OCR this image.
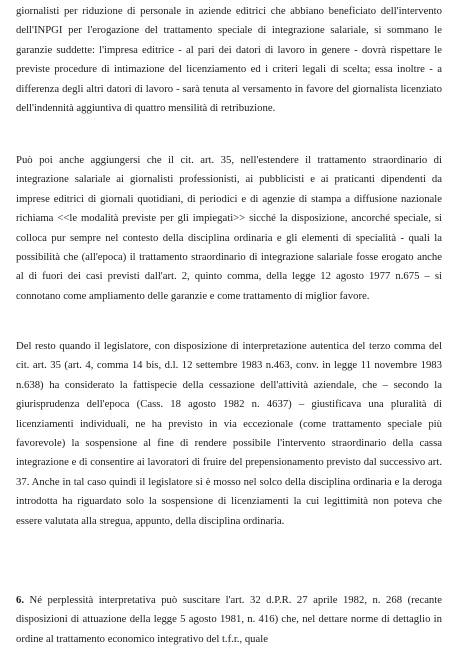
giornalisti per riduzione di personale in aziende editrici che abbiano beneficiato dell'intervento dell'INPGI per l'erogazione del trattamento speciale di integrazione salariale, si sommano le garanzie suddette: l'impresa editrice - al pari dei datori di lavoro in genere - dovrà rispettare le previste procedure di intimazione del licenziamento ed i criteri legali di scelta; essa inoltre - a differenza degli altri datori di lavoro - sarà tenuta al versamento in favore del giornalista licenziato dell'indennità aggiuntiva di quattro mensilità di retribuzione.

Può poi anche aggiungersi che il cit. art. 35, nell'estendere il trattamento straordinario di integrazione salariale ai giornalisti professionisti, ai pubblicisti e ai praticanti dipendenti da imprese editrici di giornali quotidiani, di periodici e di agenzie di stampa a diffusione nazionale richiama <<le modalità previste per gli impiegati>> sicché la disposizione, ancorché speciale, si colloca pur sempre nel contesto della disciplina ordinaria e gli elementi di specialità - quali la possibilità che (all'epoca) il trattamento straordinario di integrazione salariale fosse erogato anche al di fuori dei casi previsti dall'art. 2, quinto comma, della legge 12 agosto 1977 n.675 – si connotano come ampliamento delle garanzie e come trattamento di miglior favore.

Del resto quando il legislatore, con disposizione di interpretazione autentica del terzo comma del cit. art. 35 (art. 4, comma 14 bis, d.l. 12 settembre 1983 n.463, conv. in legge 11 novembre 1983 n.638) ha considerato la fattispecie della cessazione dell'attività aziendale, che – secondo la giurisprudenza dell'epoca (Cass. 18 agosto 1982 n. 4637) – giustificava una pluralità di licenziamenti individuali, ne ha previsto in via eccezionale (come trattamento speciale più favorevole) la sospensione al fine di rendere possibile l'intervento straordinario della cassa integrazione e di consentire ai lavoratori di fruire del prepensionamento previsto dal successivo art. 37. Anche in tal caso quindi il legislatore si è mosso nel solco della disciplina ordinaria e la deroga introdotta ha riguardato solo la sospensione di licenziamenti la cui legittimità non poteva che essere valutata alla stregua, appunto, della disciplina ordinaria.

6. Né perplessità interpretativa può suscitare l'art. 32 d.P.R. 27 aprile 1982, n. 268 (recante disposizioni di attuazione della legge 5 agosto 1981, n. 416) che, nel dettare norme di dettaglio in ordine al trattamento economico integrativo del t.f.r., quale
